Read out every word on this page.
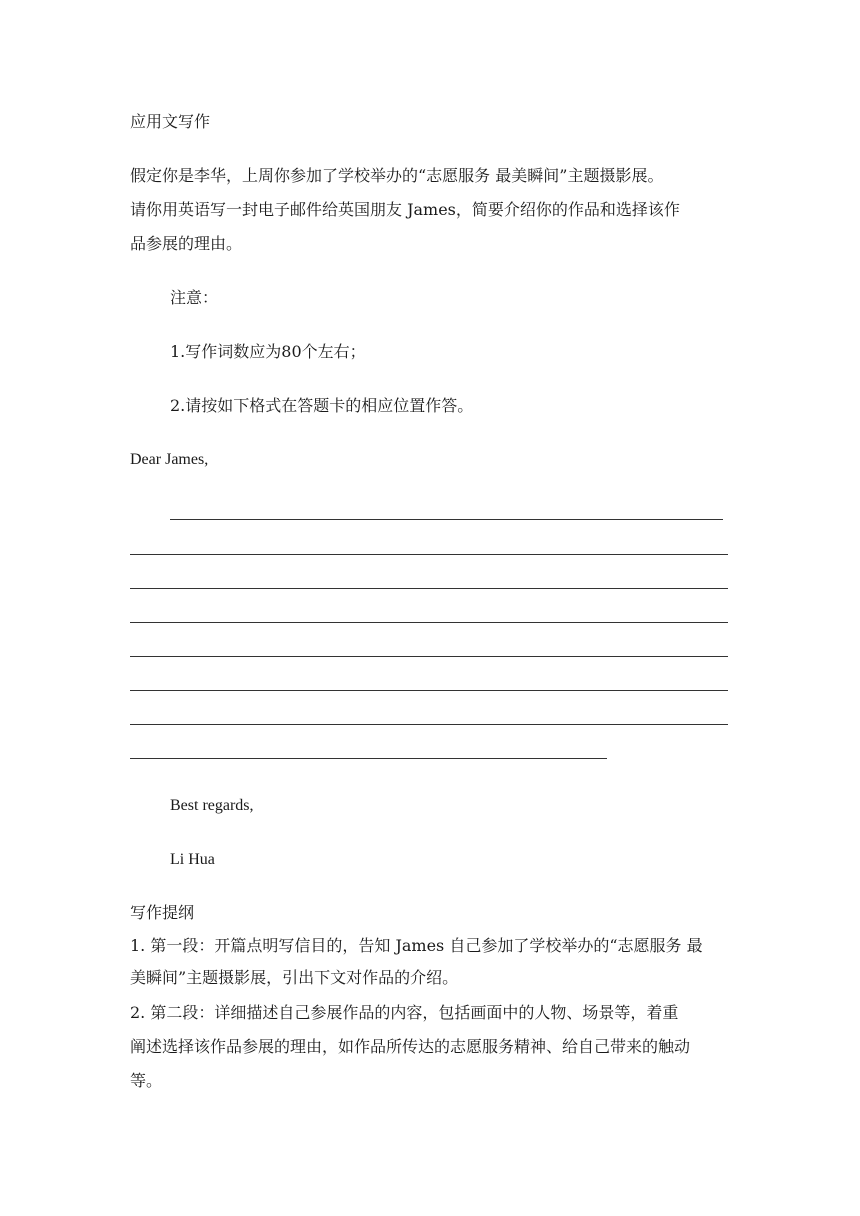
应用文写作
假定你是李华，上周你参加了学校举办的“志愿服务 最美瞬间”主题摄影展。
请你用英语写一封电子邮件给英国朋友 James，简要介绍你的作品和选择该作
品参展的理由。
注意：
1.写作词数应为80个左右；
2.请按如下格式在答题卡的相应位置作答。
Dear James,
Best regards,
Li Hua
写作提纲
1. 第一段：开篇点明写信目的，告知 James 自己参加了学校举办的“志愿服务 最
美瞬间”主题摄影展，引出下文对作品的介绍。
2. 第二段：详细描述自己参展作品的内容，包括画面中的人物、场景等，着重
阐述选择该作品参展的理由，如作品所传达的志愿服务精神、给自己带来的触动
等。
